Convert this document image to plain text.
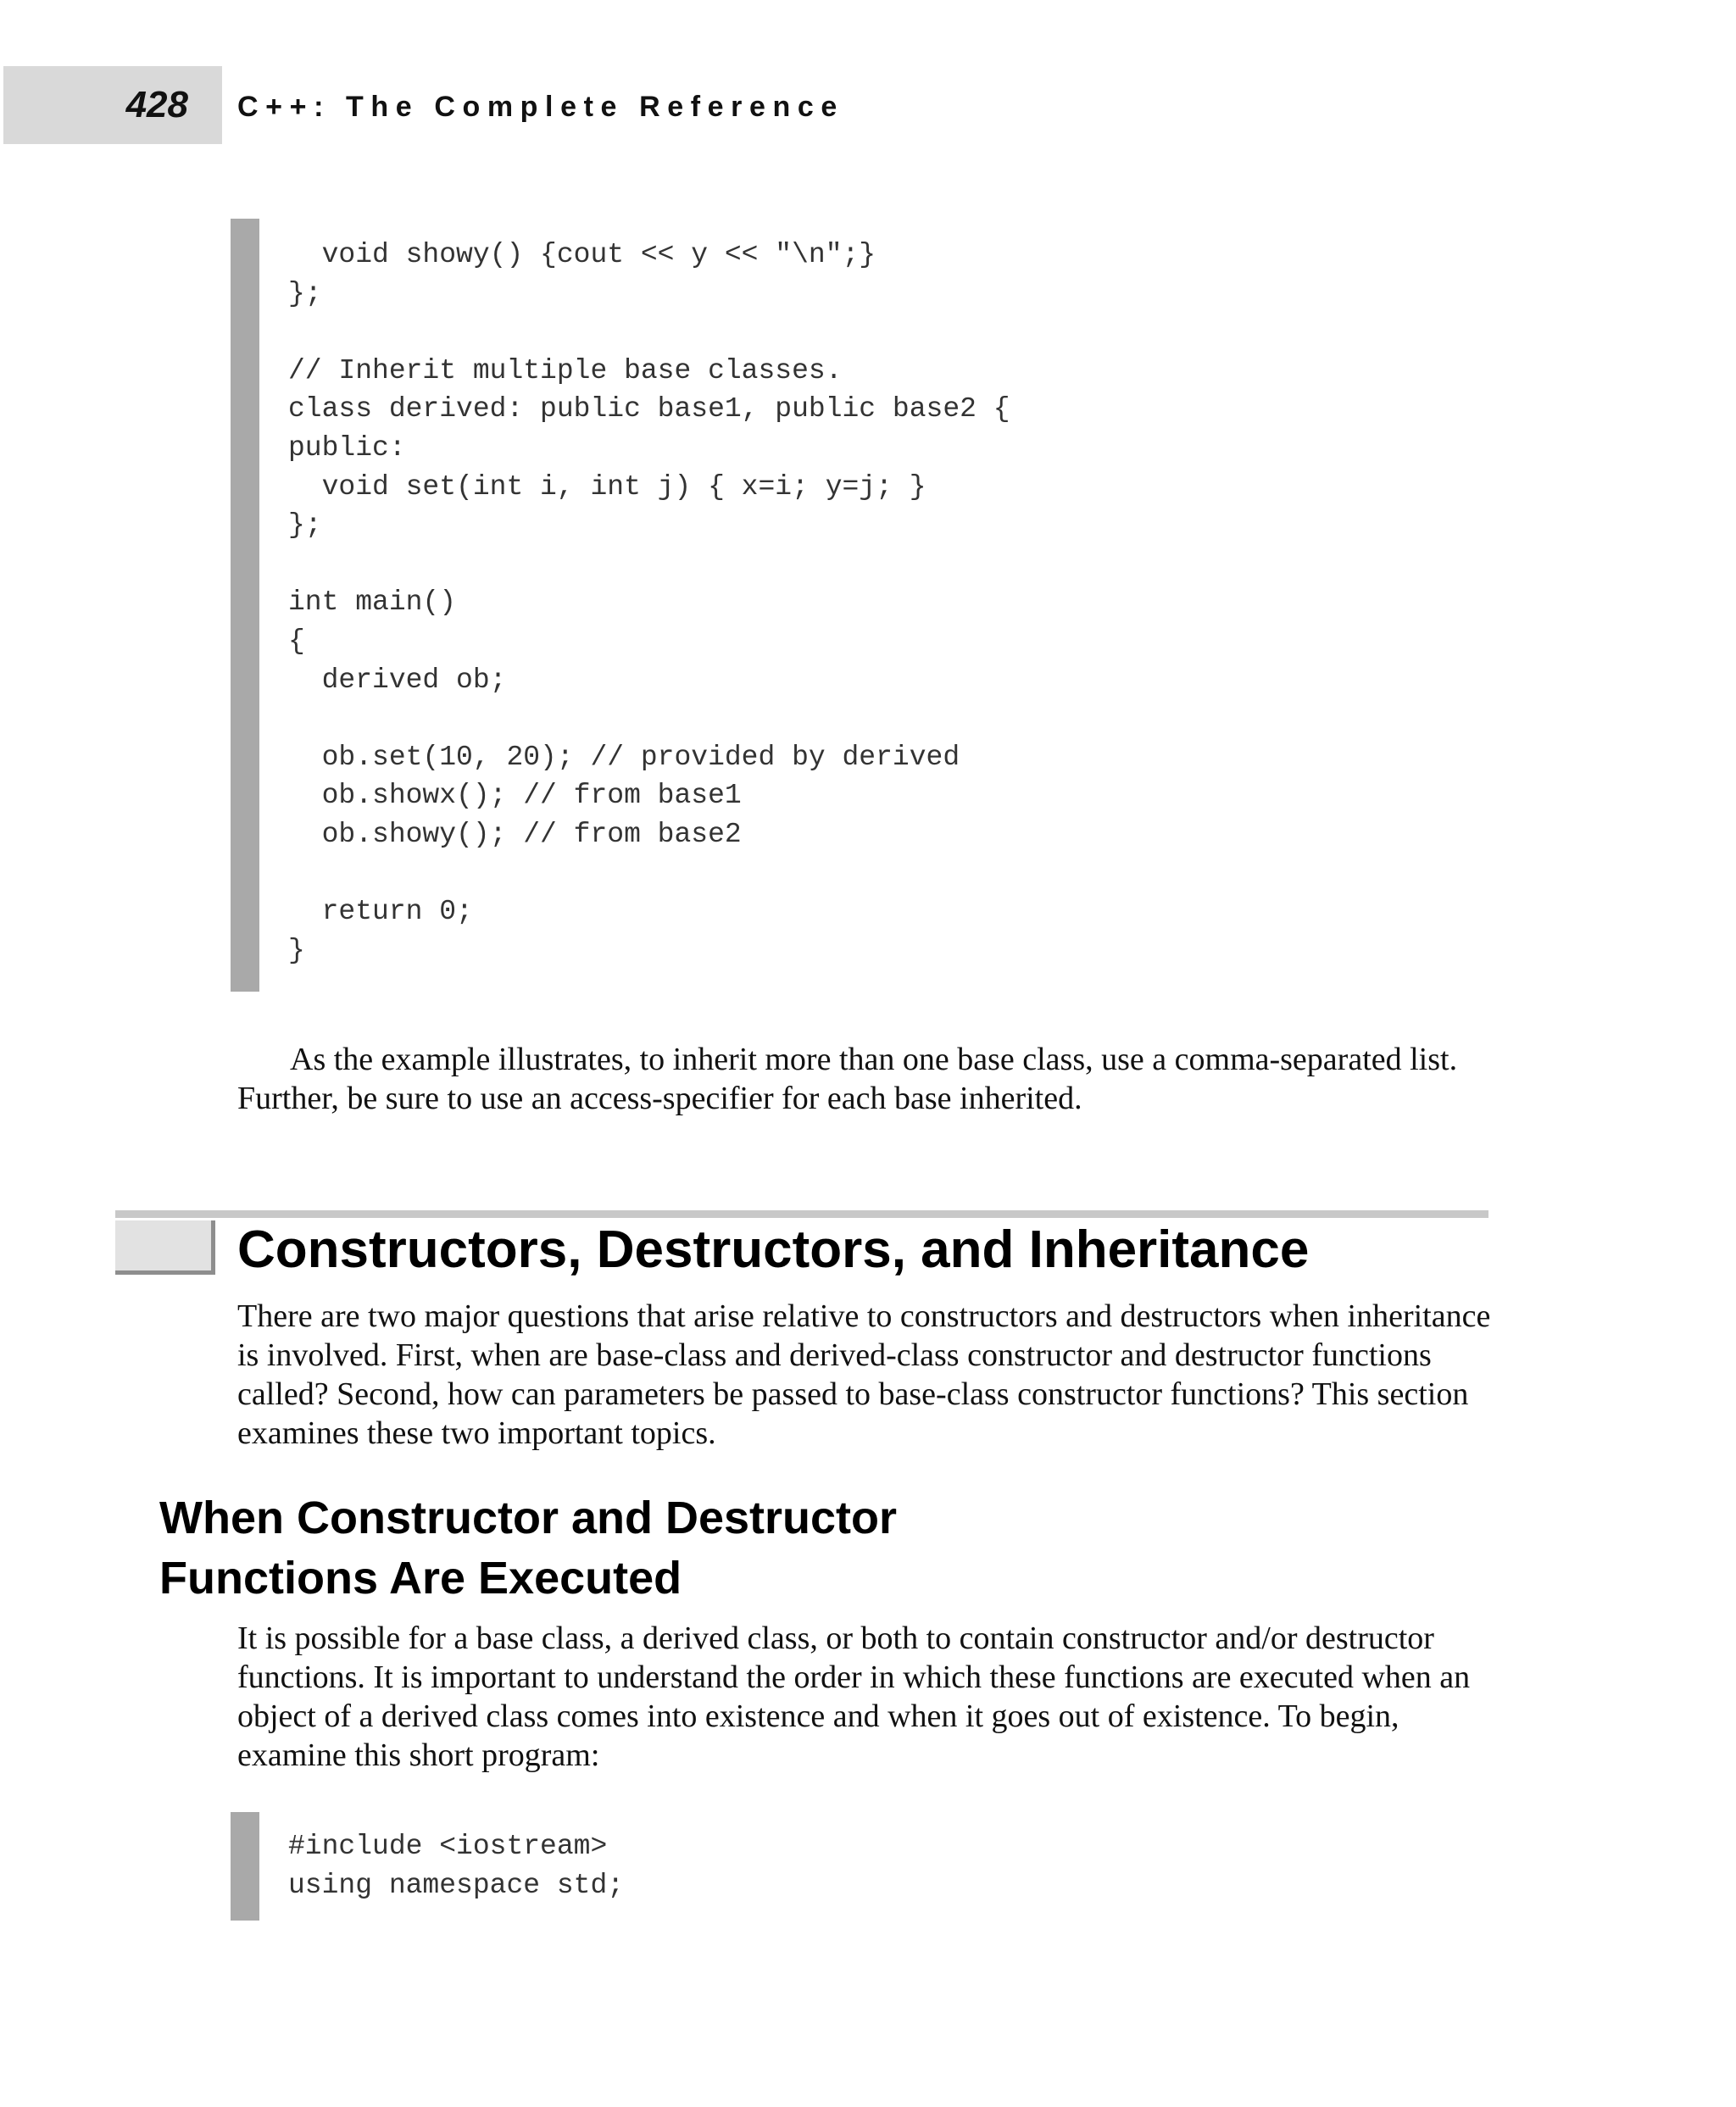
428 C++: The Complete Reference
void showy() {cout << y << "\n";}
};

// Inherit multiple base classes.
class derived: public base1, public base2 {
public:
void set(int i, int j) { x=i; y=j; }
};

int main()
{
derived ob;

ob.set(10, 20); // provided by derived
ob.showx(); // from base1
ob.showy(); // from base2

return 0;
}

As the example illustrates, to inherit more than one base class, use a comma-separated list. Further, be sure to use an access-specifier for each base inherited.

Constructors, Destructors, and Inheritance

There are two major questions that arise relative to constructors and destructors when inheritance is involved. First, when are base-class and derived-class constructor and destructor functions called? Second, how can parameters be passed to base-class constructor functions? This section examines these two important topics.

When Constructor and Destructor
Functions Are Executed

It is possible for a base class, a derived class, or both to contain constructor and/or destructor functions. It is important to understand the order in which these functions are executed when an object of a derived class comes into existence and when it goes out of existence. To begin, examine this short program:

#include <iostream>
using namespace std;
